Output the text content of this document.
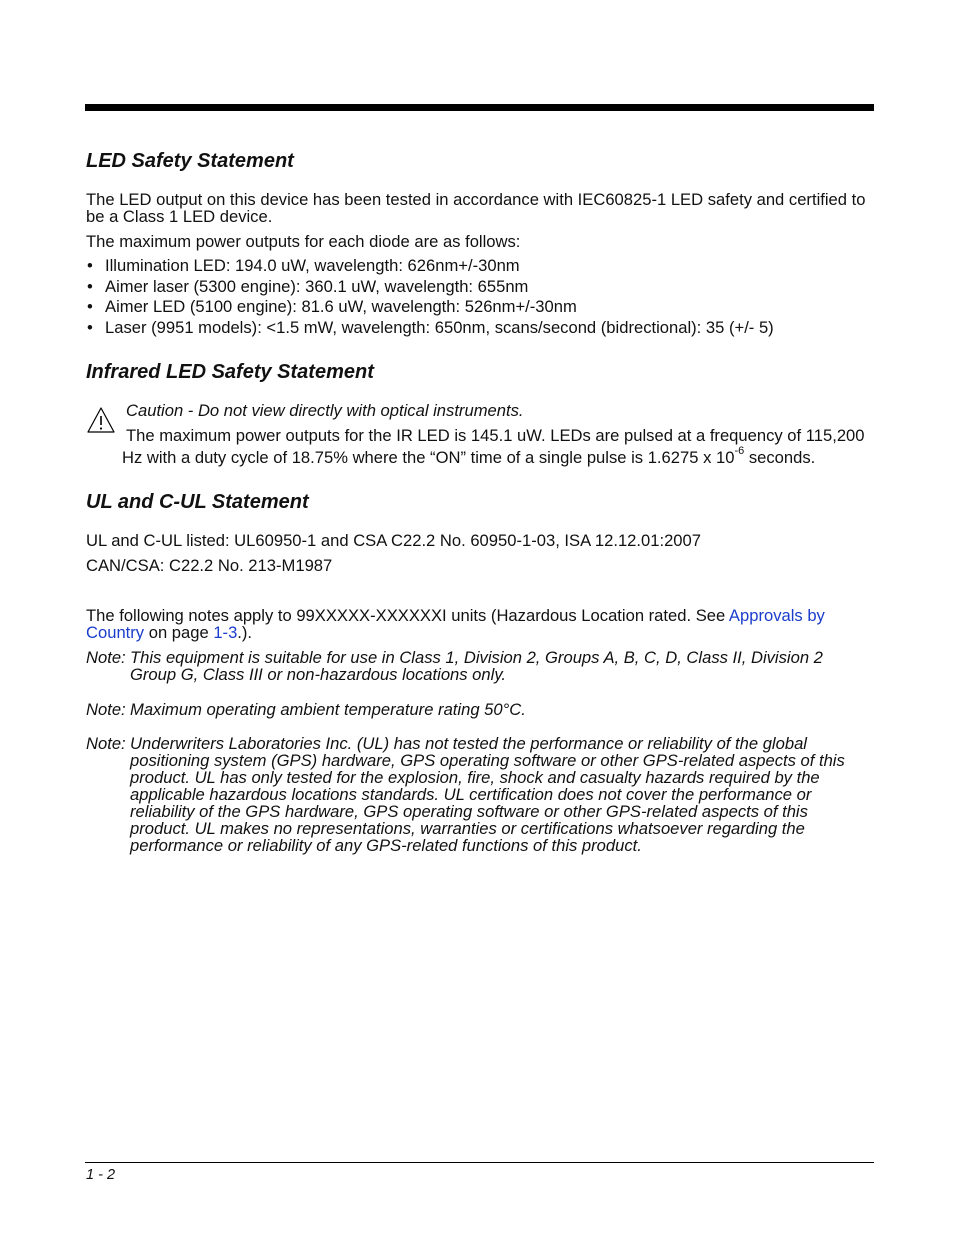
LED Safety Statement

The LED output on this device has been tested in accordance with IEC60825-1 LED safety and certified to be a Class 1 LED device.

The maximum power outputs for each diode are as follows:

• Illumination LED: 194.0 uW, wavelength: 626nm+/-30nm
• Aimer laser (5300 engine): 360.1 uW, wavelength: 655nm
• Aimer LED (5100 engine): 81.6 uW, wavelength: 526nm+/-30nm
• Laser (9951 models): <1.5 mW, wavelength: 650nm, scans/second (bidrectional): 35 (+/- 5)
Infrared LED Safety Statement

Caution - Do not view directly with optical instruments.

The maximum power outputs for the IR LED is 145.1 uW. LEDs are pulsed at a frequency of 115,200

Hz with a duty cycle of 18.75% where the “ON” time of a single pulse is 1.6275 x $10^{-6}$ seconds.

UL and C-UL Statement

UL and C-UL listed: UL60950-1 and CSA C22.2 No. 60950-1-03, ISA 12.12.01:2007

CAN/CSA: C22.2 No. 213-M1987

The following notes apply to 99XXXXX-XXXXXXI units (Hazardous Location rated. See Approvals by Country on page 1-3.).

Note: This equipment is suitable for use in Class 1, Division 2, Groups A, B, C, D, Class II, Division 2 Group G, Class III or non-hazardous locations only.
Note: Maximum operating ambient temperature rating 50°C.
Note: Underwriters Laboratories Inc. (UL) has not tested the performance or reliability of the global positioning system (GPS) hardware, GPS operating software or other GPS-related aspects of this product. UL has only tested for the explosion, fire, shock and casualty hazards required by the applicable hazardous locations standards. UL certification does not cover the performance or reliability of the GPS hardware, GPS operating software or other GPS-related aspects of this product. UL makes no representations, warranties or certifications whatsoever regarding the performance or reliability of any GPS-related functions of this product.
1 - 2
